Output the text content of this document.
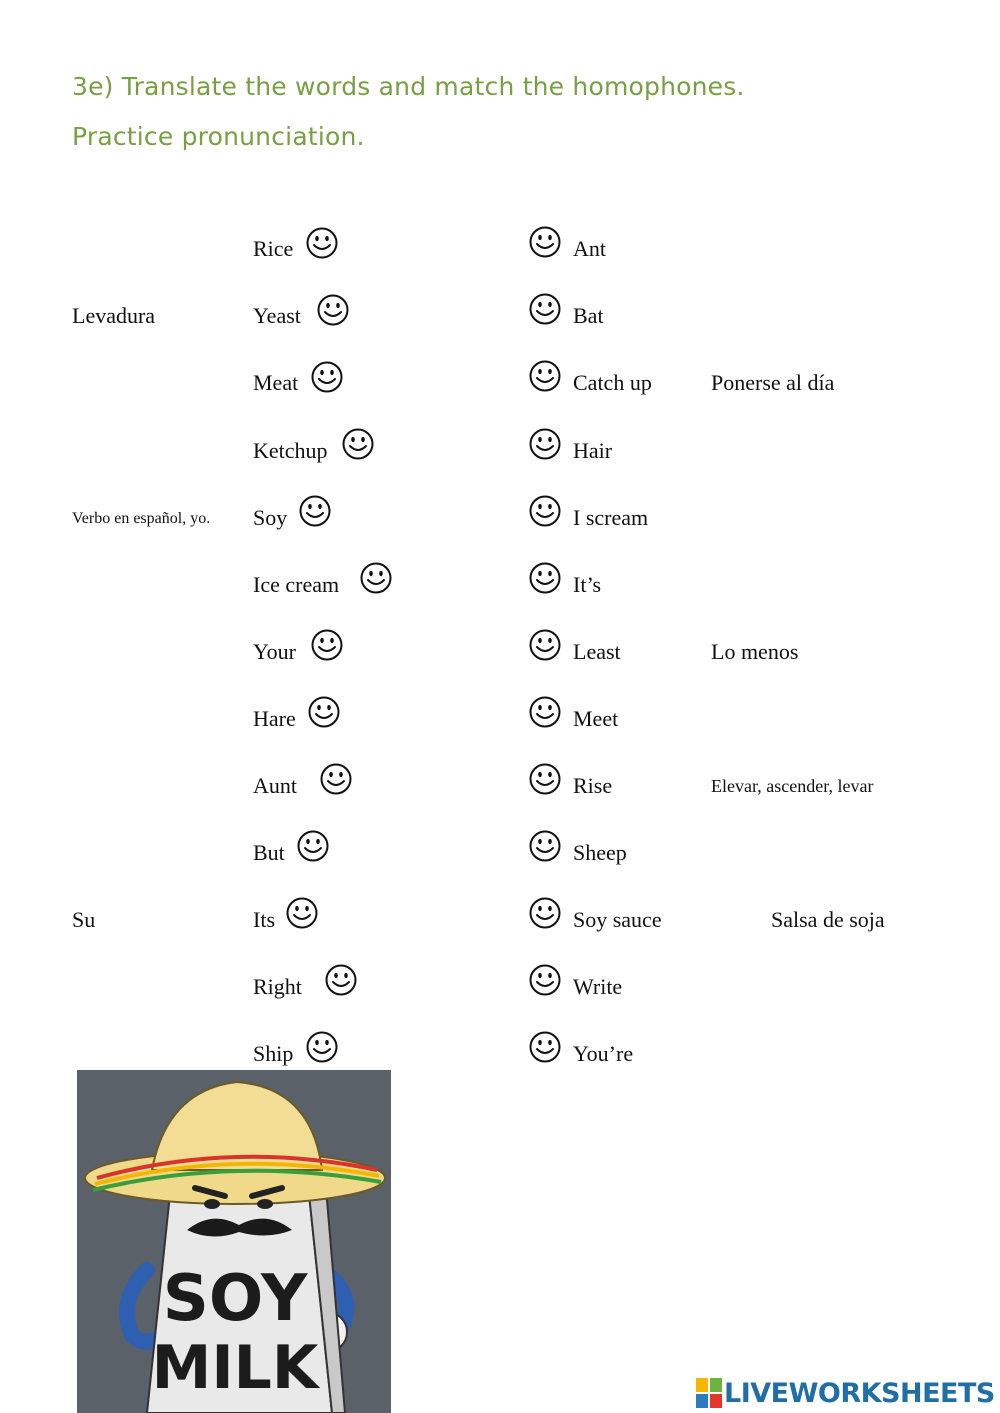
3e) Translate the words and match the homophones. Practice pronunciation.
Levadura
Verbo en español, yo.
Su
Rice
Yeast
Meat
Ketchup
Soy
Ice cream
Your
Hare
Aunt
But
Its
Right
Ship
Ant
Bat
Catch up
Hair
I scream
It’s
Least
Meet
Rise
Sheep
Soy sauce
Write
You’re
Ponerse al día
Lo menos
Elevar, ascender, levar
Salsa de soja
SOY
MILK	LIVEWORKSHEETS
